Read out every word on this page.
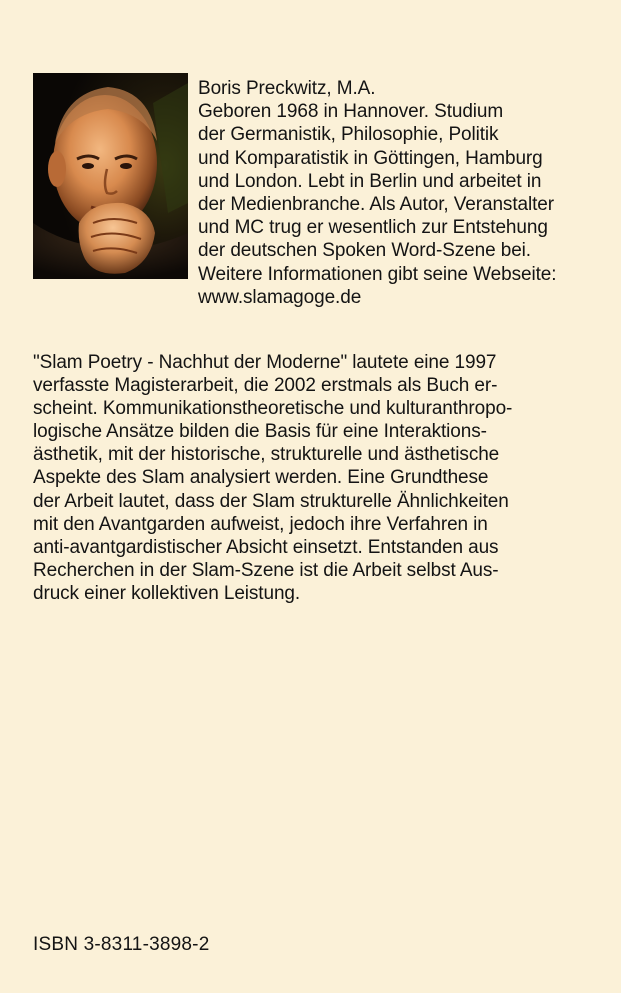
Boris Preckwitz, M.A.
Geboren 1968 in Hannover. Studium
der Germanistik, Philosophie, Politik
und Komparatistik in Göttingen, Hamburg
und London. Lebt in Berlin und arbeitet in
der Medienbranche. Als Autor, Veranstalter
und MC trug er wesentlich zur Entstehung
der deutschen Spoken Word-Szene bei.
Weitere Informationen gibt seine Webseite:
www.slamagoge.de
"Slam Poetry - Nachhut der Moderne" lautete eine 1997
verfasste Magisterarbeit, die 2002 erstmals als Buch er-
scheint. Kommunikationstheoretische und kulturanthropo-
logische Ansätze bilden die Basis für eine Interaktions-
ästhetik, mit der historische, strukturelle und ästhetische
Aspekte des Slam analysiert werden. Eine Grundthese
der Arbeit lautet, dass der Slam strukturelle Ähnlichkeiten
mit den Avantgarden aufweist, jedoch ihre Verfahren in
anti-avantgardistischer Absicht einsetzt. Entstanden aus
Recherchen in der Slam-Szene ist die Arbeit selbst Aus-
druck einer kollektiven Leistung.
ISBN 3-8311-3898-2
